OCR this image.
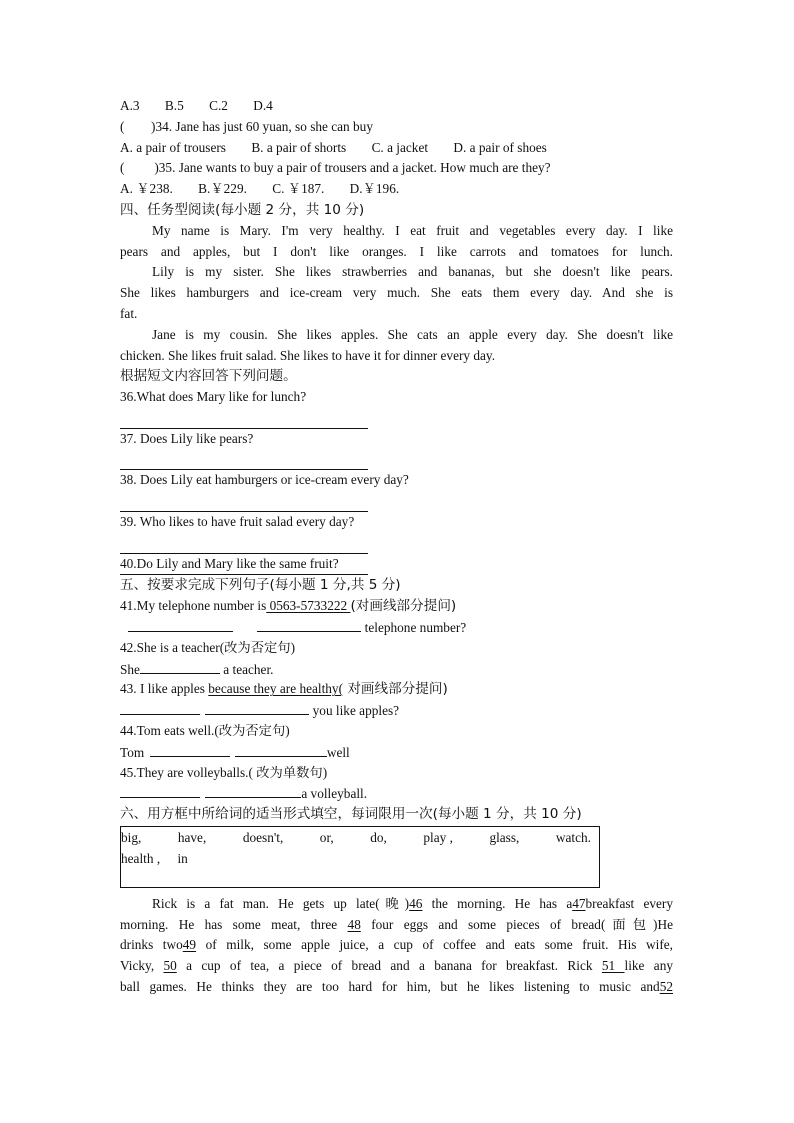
A.3 B.5 C.2 D.4
(        )34. Jane has just 60 yuan, so she can buy
A. a pair of trousers B. a pair of shorts C. a jacket D. a pair of shoes
(         )35. Jane wants to buy a pair of trousers and a jacket. How much are they?
A. ￥238. B.￥229. C. ￥187. D.￥196.
四、任务型阅读(每小题 2 分，共 10 分)
My name is Mary. I'm very healthy. I eat fruit and vegetables every day. I like
pears and apples, but I don't like oranges. I like carrots and tomatoes for lunch.
Lily is my sister. She likes strawberries and bananas, but she doesn't like pears.
She likes hamburgers and ice-cream very much. She eats them every day. And she is
fat.
Jane is my cousin. She likes apples. She cats an apple every day. She doesn't like
chicken. She likes fruit salad. She likes to have it for dinner every day.
根据短文内容回答下列问题。
36.What does Mary like for lunch?
37. Does Lily like pears?
38. Does Lily eat hamburgers or ice-cream every day?
39. Who likes to have fruit salad every day?
40.Do Lily and Mary like the same fruit?
五、按要求完成下列句子(每小题 1 分,共 5 分)
41.My telephone number is 0563-5733222 (对画线部分提问)
telephone number?
42.She is a teacher(改为否定句)
She	a teacher.
43. I like apples because they are healthy( 对画线部分提问)
you like apples?
44.Tom eats well.(改为否定句)
Tom	well
45.They are volleyballs.( 改为单数句)
a volleyball.
六、用方框中所给词的适当形式填空，每词限用一次(每小题 1 分，共 10 分)
big,	have,	doesn't,	or,	do,	play ,	glass,	watch.
health , in
Rick is a fat man. He gets up late(晚)46 the morning. He has a47breakfast every
morning. He has some meat, three 48 four eggs and some pieces of bread(面包)He
drinks two49 of milk, some apple juice, a cup of coffee and eats some fruit. His wife,
Vicky, 50 a cup of tea, a piece of bread and a banana for breakfast. Rick 51 like any
ball games. He thinks they are too hard for him, but he likes listening to music and52
